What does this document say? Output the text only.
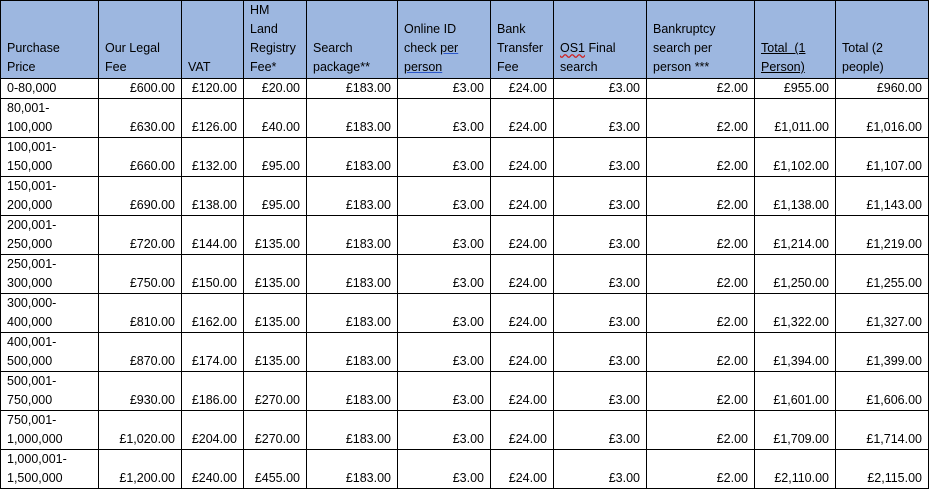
Purchase
Price	Our Legal
Fee	VAT	HM
Land
Registry
Fee*	Search
package**	Online ID
check per
person	Bank
Transfer
Fee	OS1 Final
search	Bankruptcy
search per
person ***	Total  (1
Person)	Total (2
people)

0-80,000	£600.00	£120.00	£20.00	£183.00	£3.00	£24.00	£3.00	£2.00	£955.00	£960.00

80,001-
100,000	£630.00	£126.00	£40.00	£183.00	£3.00	£24.00	£3.00	£2.00	£1,011.00	£1,016.00

100,001-
150,000	£660.00	£132.00	£95.00	£183.00	£3.00	£24.00	£3.00	£2.00	£1,102.00	£1,107.00

150,001-
200,000	£690.00	£138.00	£95.00	£183.00	£3.00	£24.00	£3.00	£2.00	£1,138.00	£1,143.00

200,001-
250,000	£720.00	£144.00	£135.00	£183.00	£3.00	£24.00	£3.00	£2.00	£1,214.00	£1,219.00

250,001-
300,000	£750.00	£150.00	£135.00	£183.00	£3.00	£24.00	£3.00	£2.00	£1,250.00	£1,255.00

300,000-
400,000	£810.00	£162.00	£135.00	£183.00	£3.00	£24.00	£3.00	£2.00	£1,322.00	£1,327.00

400,001-
500,000	£870.00	£174.00	£135.00	£183.00	£3.00	£24.00	£3.00	£2.00	£1,394.00	£1,399.00

500,001-
750,000	£930.00	£186.00	£270.00	£183.00	£3.00	£24.00	£3.00	£2.00	£1,601.00	£1,606.00

750,001-
1,000,000	£1,020.00	£204.00	£270.00	£183.00	£3.00	£24.00	£3.00	£2.00	£1,709.00	£1,714.00

1,000,001-
1,500,000	£1,200.00	£240.00	£455.00	£183.00	£3.00	£24.00	£3.00	£2.00	£2,110.00	£2,115.00
